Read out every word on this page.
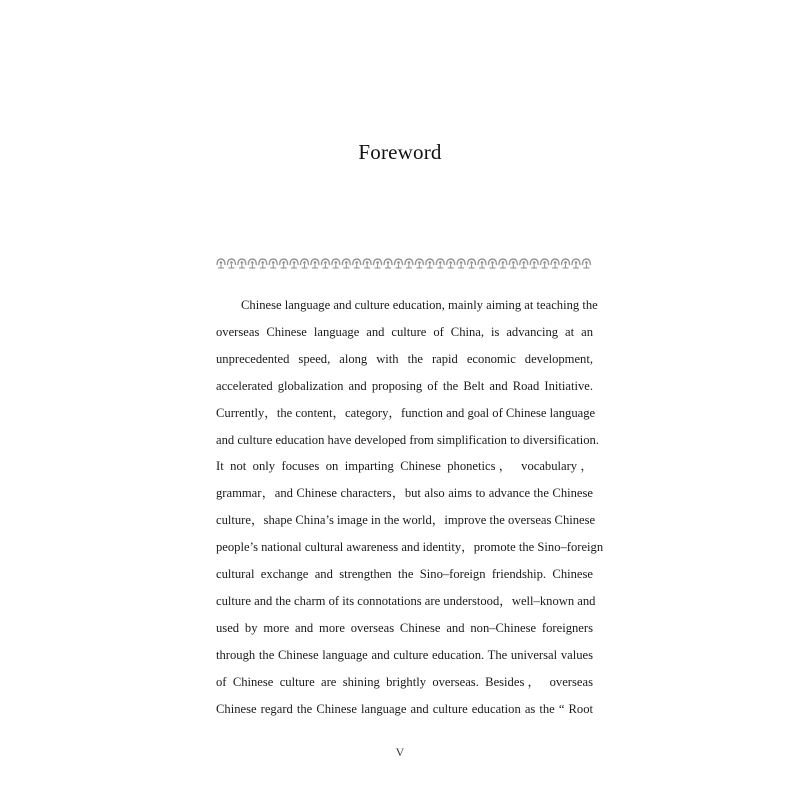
Foreword

Chinese language and culture education, mainly aiming at teaching the
overseas Chinese language and culture of China, is advancing at an
unprecedented speed, along with the rapid economic development,
accelerated globalization and proposing of the Belt and Road Initiative.
Currently，the content，category，function and goal of Chinese language
and culture education have developed from simplification to diversification.
It not only focuses on imparting Chinese phonetics， vocabulary，
grammar，and Chinese characters，but also aims to advance the Chinese
culture，shape China’s image in the world，improve the overseas Chinese
people’s national cultural awareness and identity，promote the Sino–foreign
cultural exchange and strengthen the Sino–foreign friendship. Chinese
culture and the charm of its connotations are understood，well–known and
used by more and more overseas Chinese and non–Chinese foreigners
through the Chinese language and culture education. The universal values
of Chinese culture are shining brightly overseas. Besides， overseas
Chinese regard the Chinese language and culture education as the “ Root

V
